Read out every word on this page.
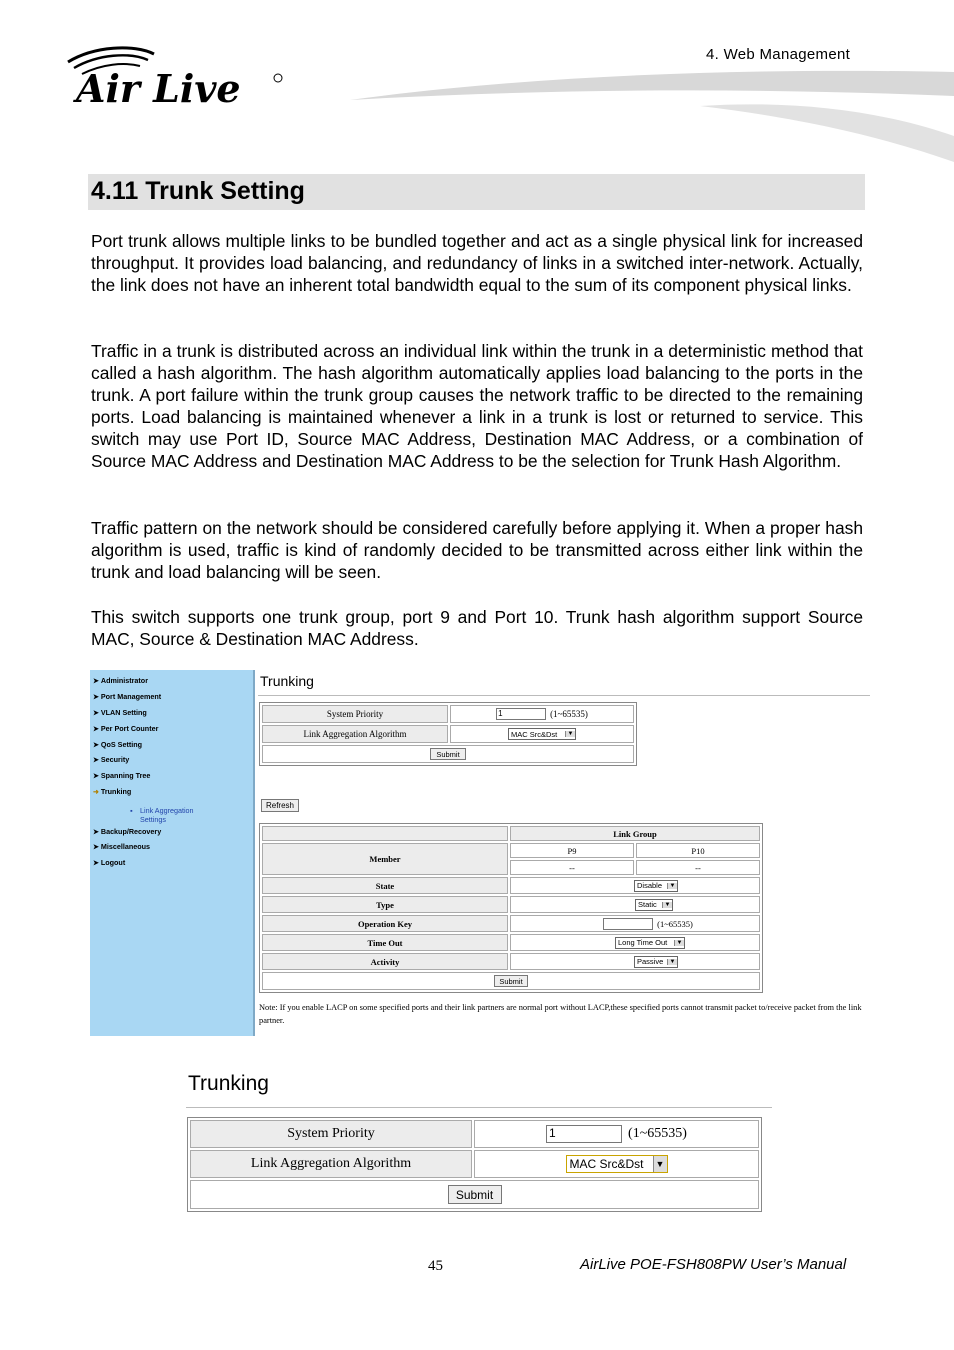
4. Web Management
Air Live
4.11 Trunk Setting

Port trunk allows multiple links to be bundled together and act as a single physical link for increased throughput. It provides load balancing, and redundancy of links in a switched inter-network. Actually, the link does not have an inherent total bandwidth equal to the sum of its component physical links.

Traffic in a trunk is distributed across an individual link within the trunk in a deterministic method that called a hash algorithm. The hash algorithm automatically applies load balancing to the ports in the trunk. A port failure within the trunk group causes the network traffic to be directed to the remaining ports. Load balancing is maintained whenever a link in a trunk is lost or returned to service. This switch may use Port ID, Source MAC Address, Destination MAC Address, or a combination of Source MAC Address and Destination MAC Address to be the selection for Trunk Hash Algorithm.

Traffic pattern on the network should be considered carefully before applying it. When a proper hash algorithm is used, traffic is kind of randomly decided to be transmitted across either link within the trunk and load balancing will be seen.

This switch supports one trunk group, port 9 and Port 10. Trunk hash algorithm support Source MAC, Source & Destination MAC Address.

➤ Administrator
➤ Port Management
➤ VLAN Setting
➤ Per Port Counter
➤ QoS Setting
➤ Security
➤ Spanning Tree
➜ Trunking
▪ Link Aggregation Settings
➤ Backup/Recovery
➤ Miscellaneous
➤ Logout
Trunking
System Priority	1	(1~65535)
Link Aggregation Algorithm	MAC Src&Dst	▼
Submit
Refresh
Link Group
Member
P9	P10
--	--
State	Disable	▼
Type	Static	▼
Operation Key	(1~65535)
Time Out	Long Time Out	▼
Activity	Passive	▼
Submit
Note: If you enable LACP on some specified ports and their link partners are normal port without LACP,these specified ports cannot transmit packet to/receive packet from the link partner.
Trunking
System Priority	1	(1~65535)
Link Aggregation Algorithm	MAC Src&Dst	▼
Submit
45	AirLive POE-FSH808PW User’s Manual
